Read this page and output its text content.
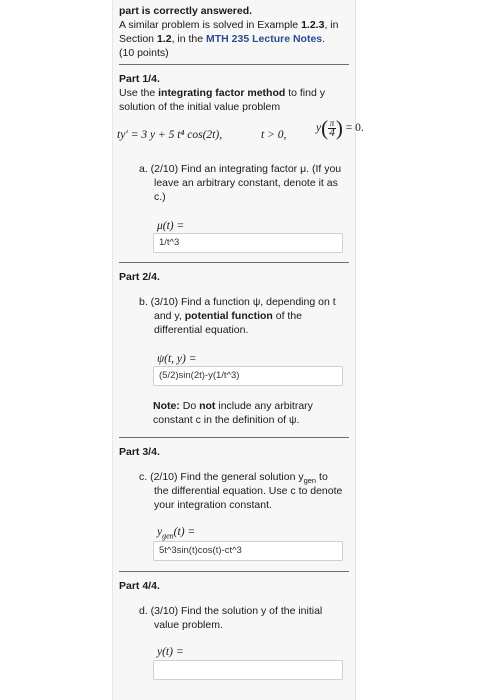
part is correctly answered.
A similar problem is solved in Example 1.2.3, in
Section 1.2, in the MTH 235 Lecture Notes.
(10 points)
Part 1/4.
Use the integrating factor method to find y
solution of the initial value problem
ty′ = 3 y + 5 t⁴ cos(2t),	t > 0,
$y( \frac{\pi}{4}$ ) = 0.
a. (2/10) Find an integrating factor μ. (If you
leave an arbitrary constant, denote it as
c.)
μ(t) =
1/t^3
Part 2/4.
b. (3/10) Find a function ψ, depending on t
and y, potential function of the
differential equation.
ψ(t, y) =
(5/2)sin(2t)-y(1/t^3)
Note: Do not include any arbitrary
constant c in the definition of ψ.
Part 3/4.
c. (2/10) Find the general solution $y_{gen}$ to
the differential equation. Use c to denote
your integration constant.
$y_{gen}(t)$ =
5t^3sin(t)cos(t)-ct^3
Part 4/4.
d. (3/10) Find the solution y of the initial
value problem.
y(t) =
